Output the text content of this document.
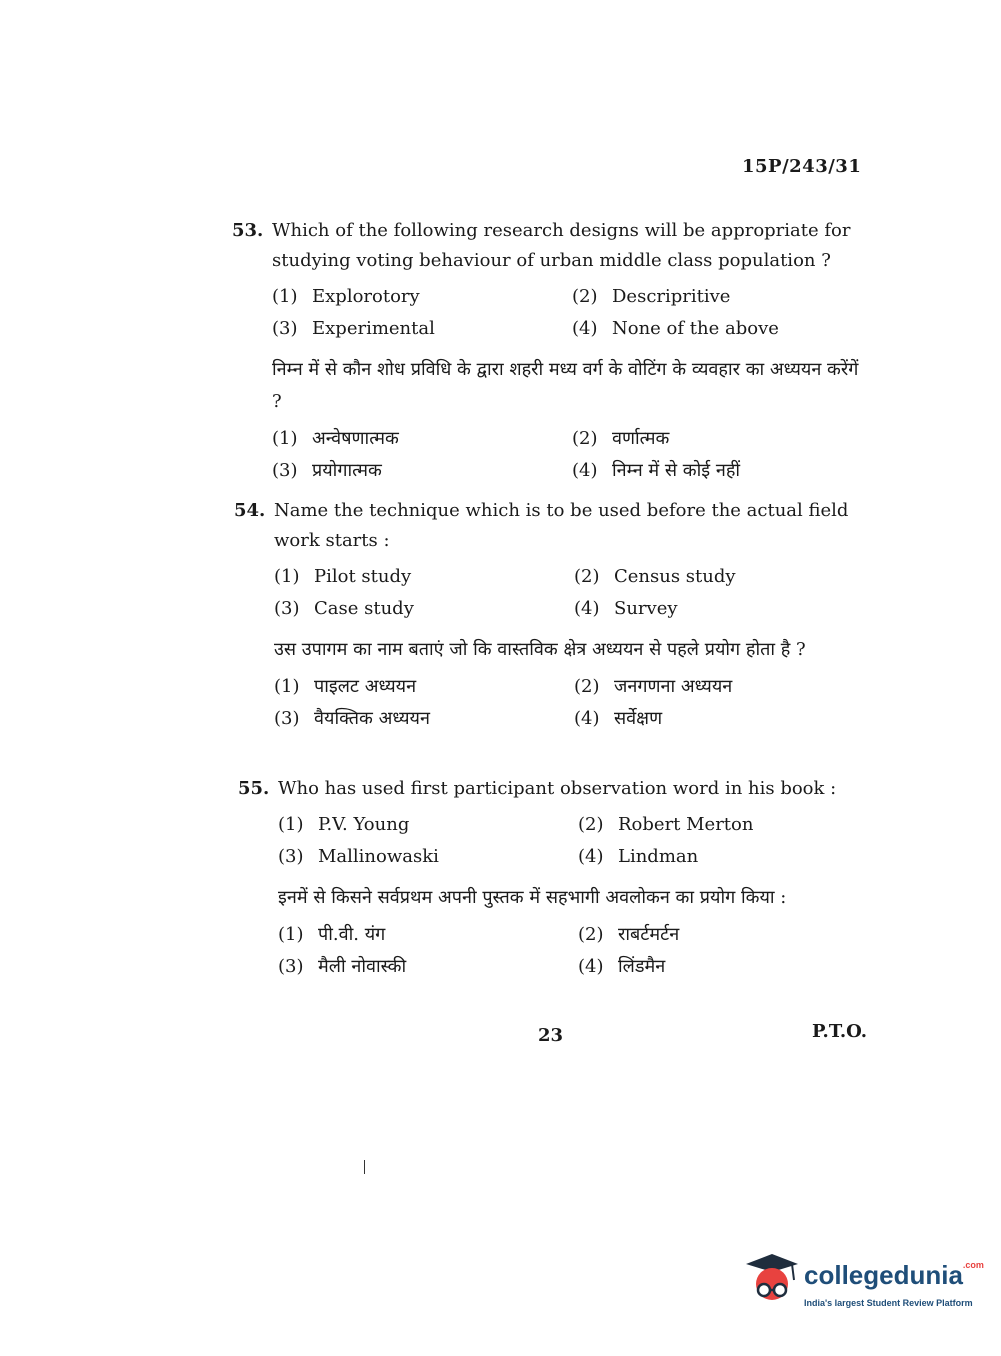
15P/243/31
53. Which of the following research designs will be appropriate for studying voting behaviour of urban middle class population ?
(1) Explorotory	(2) Descripritive
(3) Experimental	(4) None of the above
निम्न में से कौन शोध प्रविधि के द्वारा शहरी मध्य वर्ग के वोटिंग के व्यवहार का अध्ययन करेंगें ?
(1) अन्वेषणात्मक	(2) वर्णात्मक
(3) प्रयोगात्मक	(4) निम्न में से कोई नहीं
54. Name the technique which is to be used before the actual field work starts :
(1) Pilot study	(2) Census study
(3) Case study	(4) Survey
उस उपागम का नाम बताएं जो कि वास्तविक क्षेत्र अध्ययन से पहले प्रयोग होता है ?
(1) पाइलट अध्ययन	(2) जनगणना अध्ययन
(3) वैयक्तिक अध्ययन	(4) सर्वेक्षण
55. Who has used first participant observation word in his book :
(1) P.V. Young	(2) Robert Merton
(3) Mallinowaski	(4) Lindman
इनमें से किसने सर्वप्रथम अपनी पुस्तक में सहभागी अवलोकन का प्रयोग किया :
(1) पी.वी. यंग	(2) राबर्टमर्टन
(3) मैली नोवास्की	(4) लिंडमैन
23	P.T.O.
collegedunia$^{.com}$
India's largest Student Review Platform
